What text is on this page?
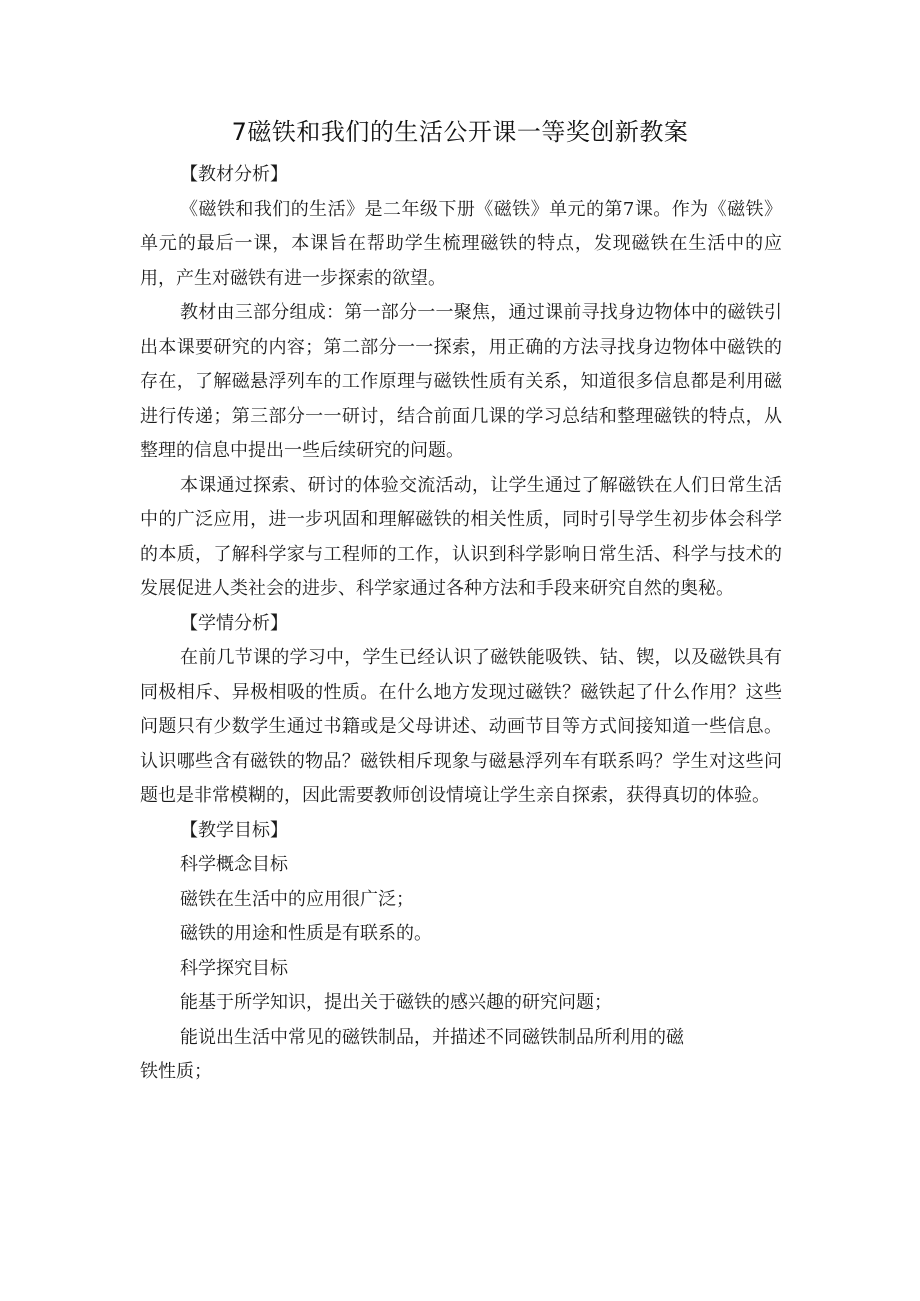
7磁铁和我们的生活公开课一等奖创新教案

【教材分析】

《磁铁和我们的生活》是二年级下册《磁铁》单元的第7课。作为《磁铁》单元的最后一课，本课旨在帮助学生梳理磁铁的特点，发现磁铁在生活中的应用，产生对磁铁有进一步探索的欲望。

教材由三部分组成：第一部分一一聚焦，通过课前寻找身边物体中的磁铁引出本课要研究的内容；第二部分一一探索，用正确的方法寻找身边物体中磁铁的存在，了解磁悬浮列车的工作原理与磁铁性质有关系，知道很多信息都是利用磁进行传递；第三部分一一研讨，结合前面几课的学习总结和整理磁铁的特点，从整理的信息中提出一些后续研究的问题。

本课通过探索、研讨的体验交流活动，让学生通过了解磁铁在人们日常生活中的广泛应用，进一步巩固和理解磁铁的相关性质，同时引导学生初步体会科学的本质，了解科学家与工程师的工作，认识到科学影响日常生活、科学与技术的发展促进人类社会的进步、科学家通过各种方法和手段来研究自然的奥秘。

【学情分析】

在前几节课的学习中，学生已经认识了磁铁能吸铁、钴、锲，以及磁铁具有同极相斥、异极相吸的性质。在什么地方发现过磁铁？磁铁起了什么作用？这些问题只有少数学生通过书籍或是父母讲述、动画节目等方式间接知道一些信息。认识哪些含有磁铁的物品？磁铁相斥现象与磁悬浮列车有联系吗？学生对这些问题也是非常模糊的，因此需要教师创设情境让学生亲自探索，获得真切的体验。

【教学目标】

科学概念目标

磁铁在生活中的应用很广泛；

磁铁的用途和性质是有联系的。

科学探究目标

能基于所学知识，提出关于磁铁的感兴趣的研究问题；

能说出生活中常见的磁铁制品，并描述不同磁铁制品所利用的磁

铁性质；
